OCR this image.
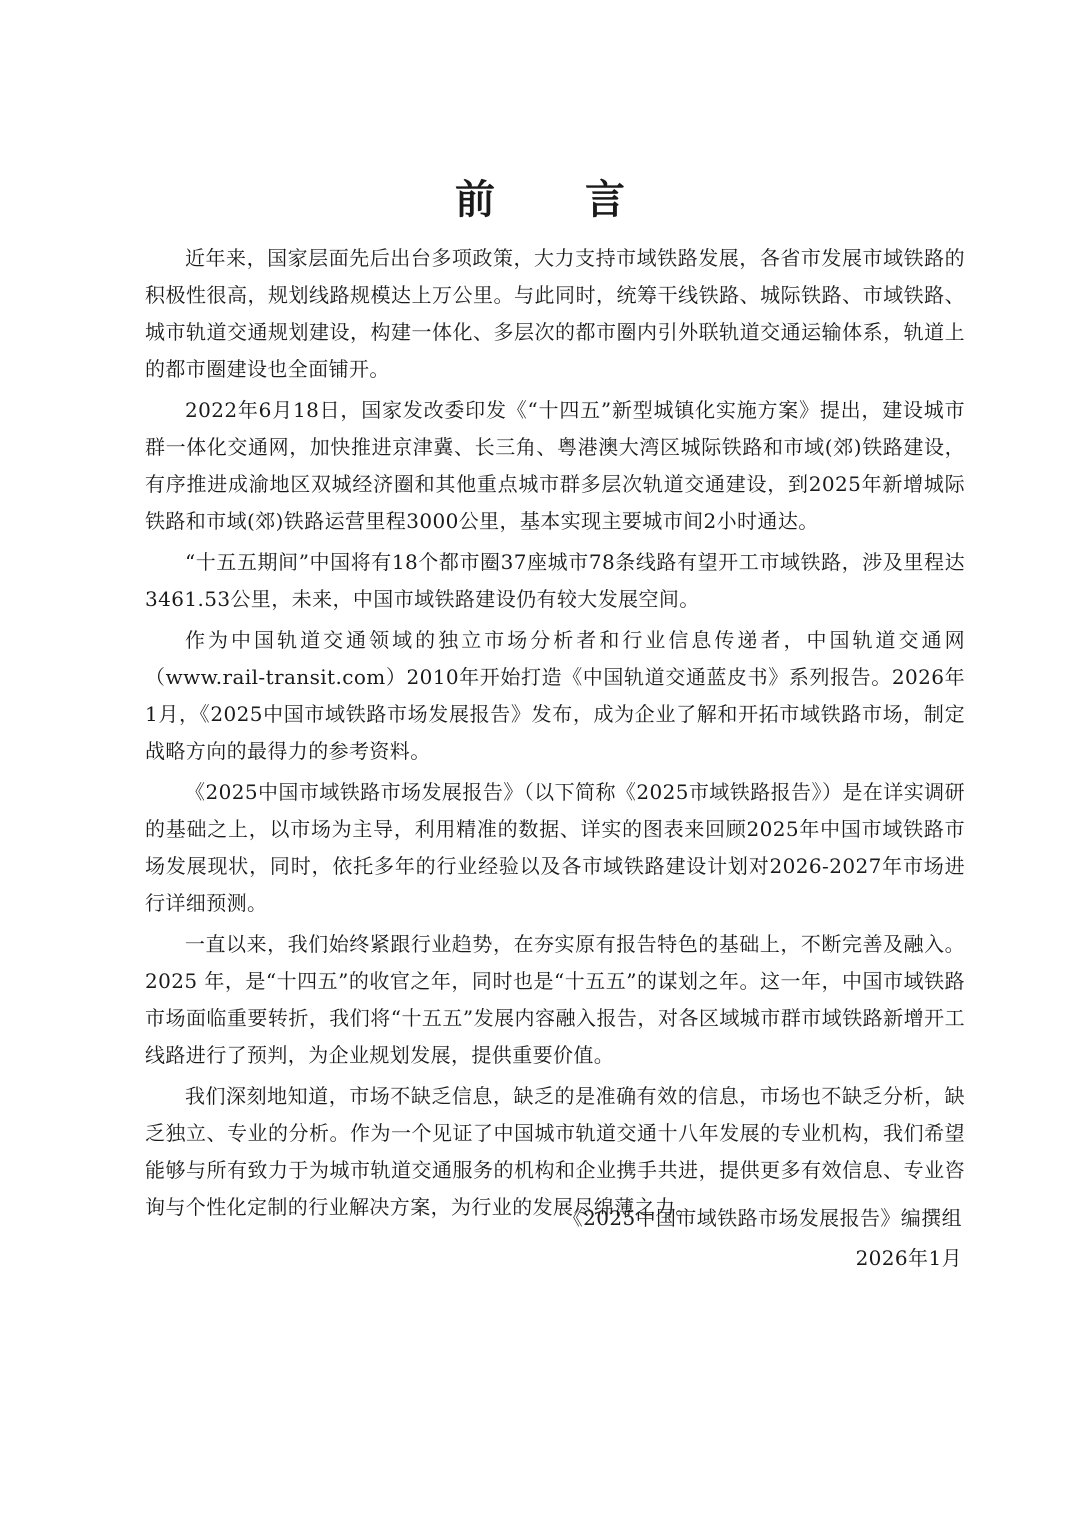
前 言

近年来，国家层面先后出台多项政策，大力支持市域铁路发展，各省市发展市域铁路的积极性很高，规划线路规模达上万公里。与此同时，统筹干线铁路、城际铁路、市域铁路、城市轨道交通规划建设，构建一体化、多层次的都市圈内引外联轨道交通运输体系，轨道上的都市圈建设也全面铺开。

2022年6月18日，国家发改委印发《“十四五”新型城镇化实施方案》提出，建设城市群一体化交通网，加快推进京津冀、长三角、粤港澳大湾区城际铁路和市域(郊)铁路建设，有序推进成渝地区双城经济圈和其他重点城市群多层次轨道交通建设，到2025年新增城际铁路和市域(郊)铁路运营里程3000公里，基本实现主要城市间2小时通达。

“十五五期间”中国将有18个都市圈37座城市78条线路有望开工市域铁路，涉及里程达3461.53公里，未来，中国市域铁路建设仍有较大发展空间。

作为中国轨道交通领域的独立市场分析者和行业信息传递者，中国轨道交通网（www.rail-transit.com）2010年开始打造《中国轨道交通蓝皮书》系列报告。2026年1月，《2025中国市域铁路市场发展报告》发布，成为企业了解和开拓市域铁路市场，制定战略方向的最得力的参考资料。

《2025中国市域铁路市场发展报告》（以下简称《2025市域铁路报告》）是在详实调研的基础之上，以市场为主导，利用精准的数据、详实的图表来回顾2025年中国市域铁路市场发展现状，同时，依托多年的行业经验以及各市域铁路建设计划对2026-2027年市场进行详细预测。

一直以来，我们始终紧跟行业趋势，在夯实原有报告特色的基础上，不断完善及融入。2025 年，是“十四五”的收官之年，同时也是“十五五”的谋划之年。这一年，中国市域铁路市场面临重要转折，我们将“十五五”发展内容融入报告，对各区域城市群市域铁路新增开工线路进行了预判，为企业规划发展，提供重要价值。

我们深刻地知道，市场不缺乏信息，缺乏的是准确有效的信息，市场也不缺乏分析，缺乏独立、专业的分析。作为一个见证了中国城市轨道交通十八年发展的专业机构，我们希望能够与所有致力于为城市轨道交通服务的机构和企业携手共进，提供更多有效信息、专业咨询与个性化定制的行业解决方案，为行业的发展尽绵薄之力。

《2025中国市域铁路市场发展报告》编撰组
2026年1月
